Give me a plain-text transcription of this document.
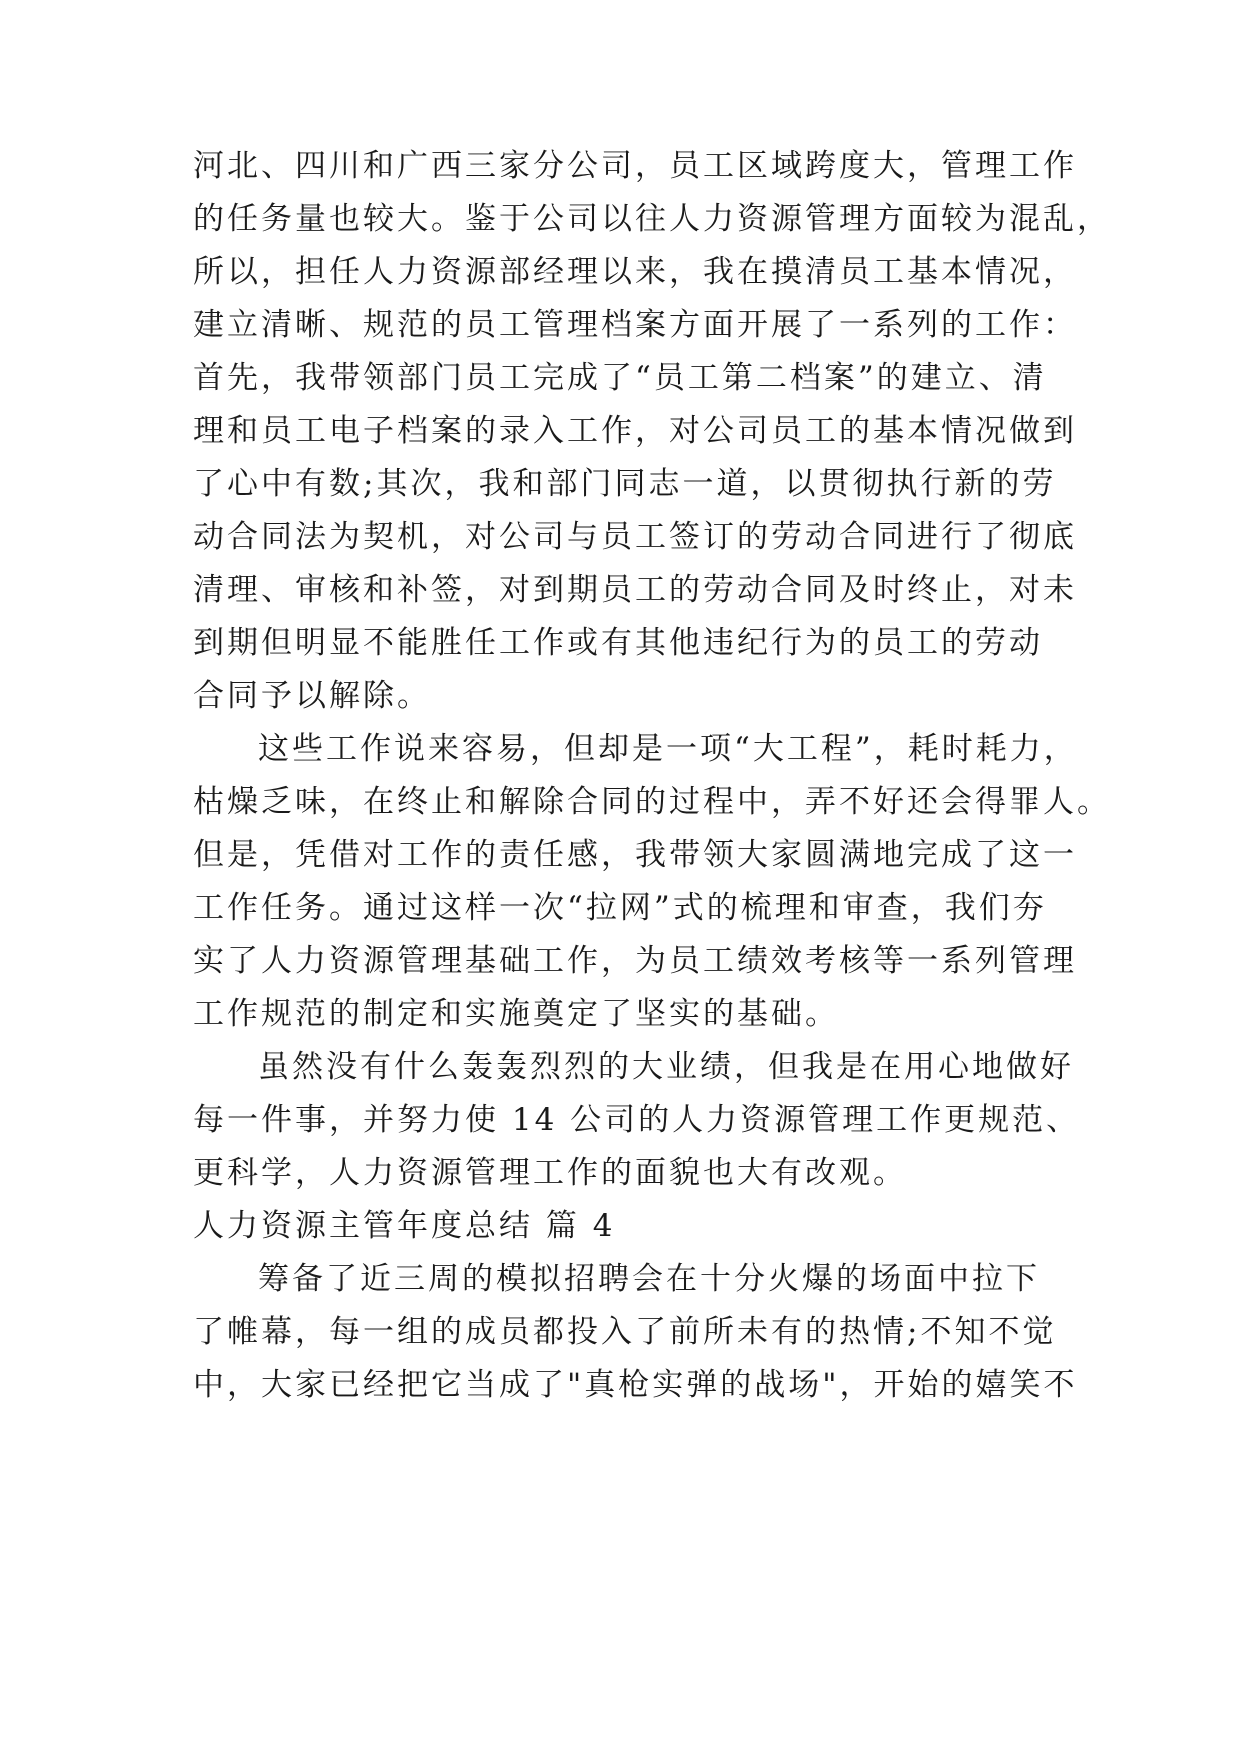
河北、四川和广西三家分公司，员工区域跨度大，管理工作
的任务量也较大。鉴于公司以往人力资源管理方面较为混乱，
所以，担任人力资源部经理以来，我在摸清员工基本情况，
建立清晰、规范的员工管理档案方面开展了一系列的工作：
首先，我带领部门员工完成了“员工第二档案”的建立、清
理和员工电子档案的录入工作，对公司员工的基本情况做到
了心中有数;其次，我和部门同志一道，以贯彻执行新的劳
动合同法为契机，对公司与员工签订的劳动合同进行了彻底
清理、审核和补签，对到期员工的劳动合同及时终止，对未
到期但明显不能胜任工作或有其他违纪行为的员工的劳动
合同予以解除。
这些工作说来容易，但却是一项“大工程”，耗时耗力，
枯燥乏味，在终止和解除合同的过程中，弄不好还会得罪人。
但是，凭借对工作的责任感，我带领大家圆满地完成了这一
工作任务。通过这样一次“拉网”式的梳理和审查，我们夯
实了人力资源管理基础工作，为员工绩效考核等一系列管理
工作规范的制定和实施奠定了坚实的基础。
虽然没有什么轰轰烈烈的大业绩，但我是在用心地做好
每一件事，并努力使 14 公司的人力资源管理工作更规范、
更科学，人力资源管理工作的面貌也大有改观。
人力资源主管年度总结 篇 4
筹备了近三周的模拟招聘会在十分火爆的场面中拉下
了帷幕，每一组的成员都投入了前所未有的热情;不知不觉
中，大家已经把它当成了"真枪实弹的战场"，开始的嬉笑不
